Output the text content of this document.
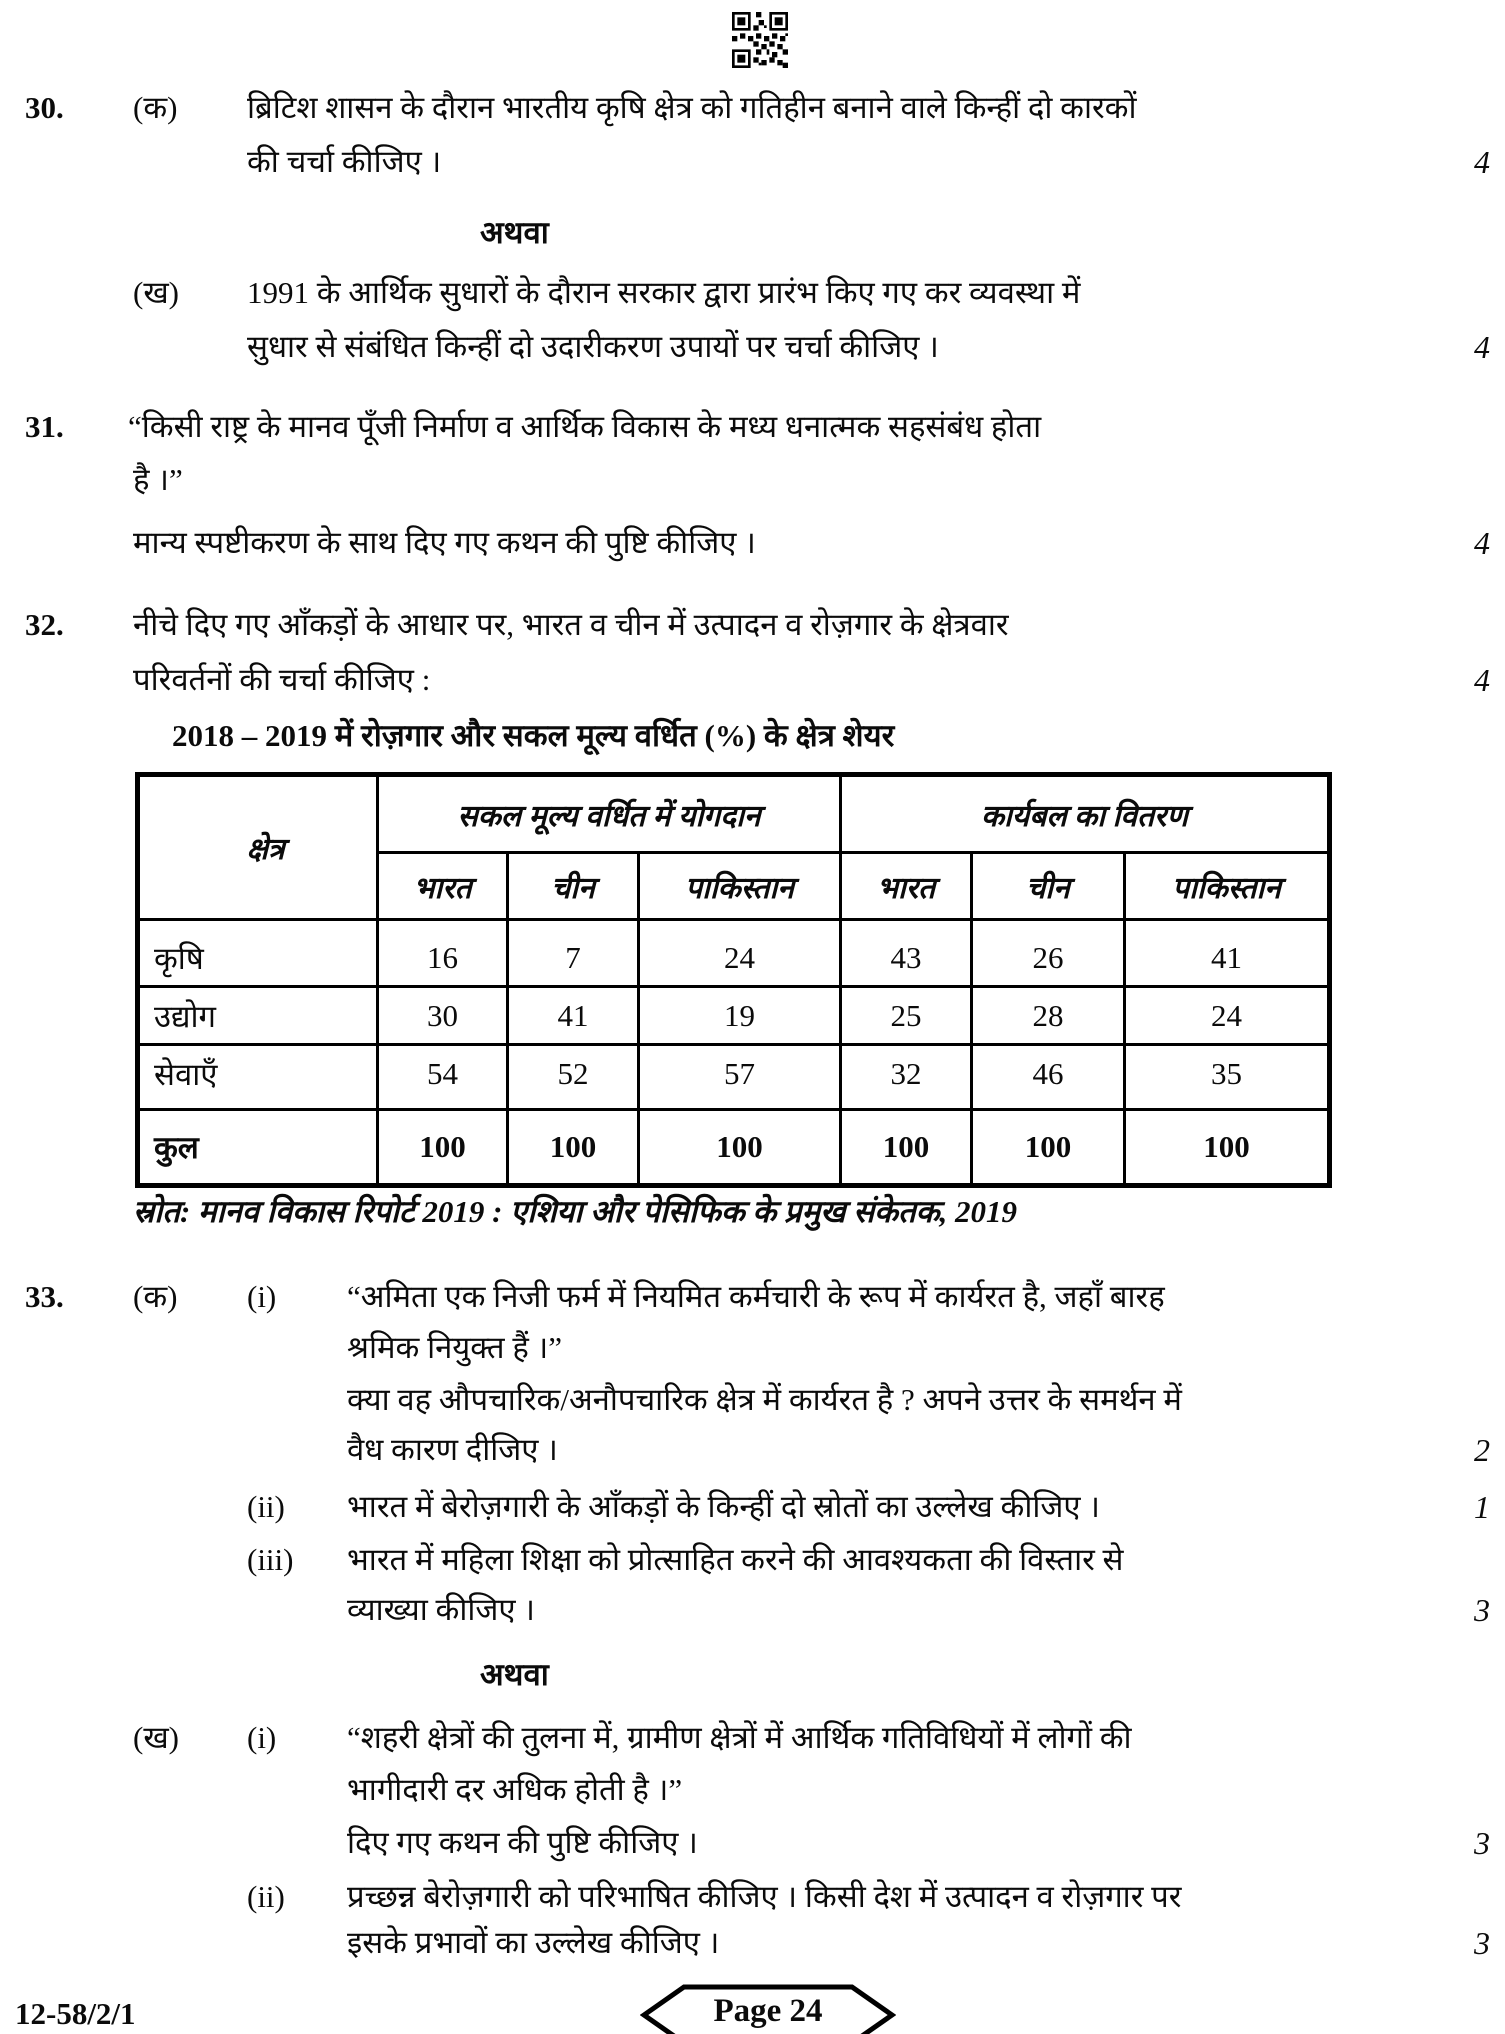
30. (क) ब्रिटिश शासन के दौरान भारतीय कृषि क्षेत्र को गतिहीन बनाने वाले किन्हीं दो कारकों
की चर्चा कीजिए ।	4
अथवा
(ख) 1991 के आर्थिक सुधारों के दौरान सरकार द्वारा प्रारंभ किए गए कर व्यवस्था में
सुधार से संबंधित किन्हीं दो उदारीकरण उपायों पर चर्चा कीजिए ।	4
31. “किसी राष्ट्र के मानव पूँजी निर्माण व आर्थिक विकास के मध्य धनात्मक सहसंबंध होता
है ।”
मान्य स्पष्टीकरण के साथ दिए गए कथन की पुष्टि कीजिए ।	4
32. नीचे दिए गए आँकड़ों के आधार पर, भारत व चीन में उत्पादन व रोज़गार के क्षेत्रवार
परिवर्तनों की चर्चा कीजिए :	4
2018 – 2019 में रोज़गार और सकल मूल्य वर्धित (%) के क्षेत्र शेयर
क्षेत्र	सकल मूल्य वर्धित में योगदान			कार्यबल का वितरण		
	भारत	चीन	पाकिस्तान	भारत	चीन	पाकिस्तान
कृषि	16	7	24	43	26	41
उद्योग	30	41	19	25	28	24
सेवाएँ	54	52	57	32	46	35
कुल	100	100	100	100	100	100
स्रोत: मानव विकास रिपोर्ट 2019 : एशिया और पेसिफिक के प्रमुख संकेतक, 2019
33. (क) (i) “अमिता एक निजी फर्म में नियमित कर्मचारी के रूप में कार्यरत है, जहाँ बारह
श्रमिक नियुक्त हैं ।”
क्या वह औपचारिक/अनौपचारिक क्षेत्र में कार्यरत है ? अपने उत्तर के समर्थन में
वैध कारण दीजिए ।	2
(ii) भारत में बेरोज़गारी के आँकड़ों के किन्हीं दो स्रोतों का उल्लेख कीजिए ।	1
(iii) भारत में महिला शिक्षा को प्रोत्साहित करने की आवश्यकता की विस्तार से
व्याख्या कीजिए ।	3
अथवा
(ख) (i) “शहरी क्षेत्रों की तुलना में, ग्रामीण क्षेत्रों में आर्थिक गतिविधियों में लोगों की
भागीदारी दर अधिक होती है ।”
दिए गए कथन की पुष्टि कीजिए ।	3
(ii) प्रच्छन्न बेरोज़गारी को परिभाषित कीजिए । किसी देश में उत्पादन व रोज़गार पर
इसके प्रभावों का उल्लेख कीजिए ।	3
12-58/2/1	Page 24
